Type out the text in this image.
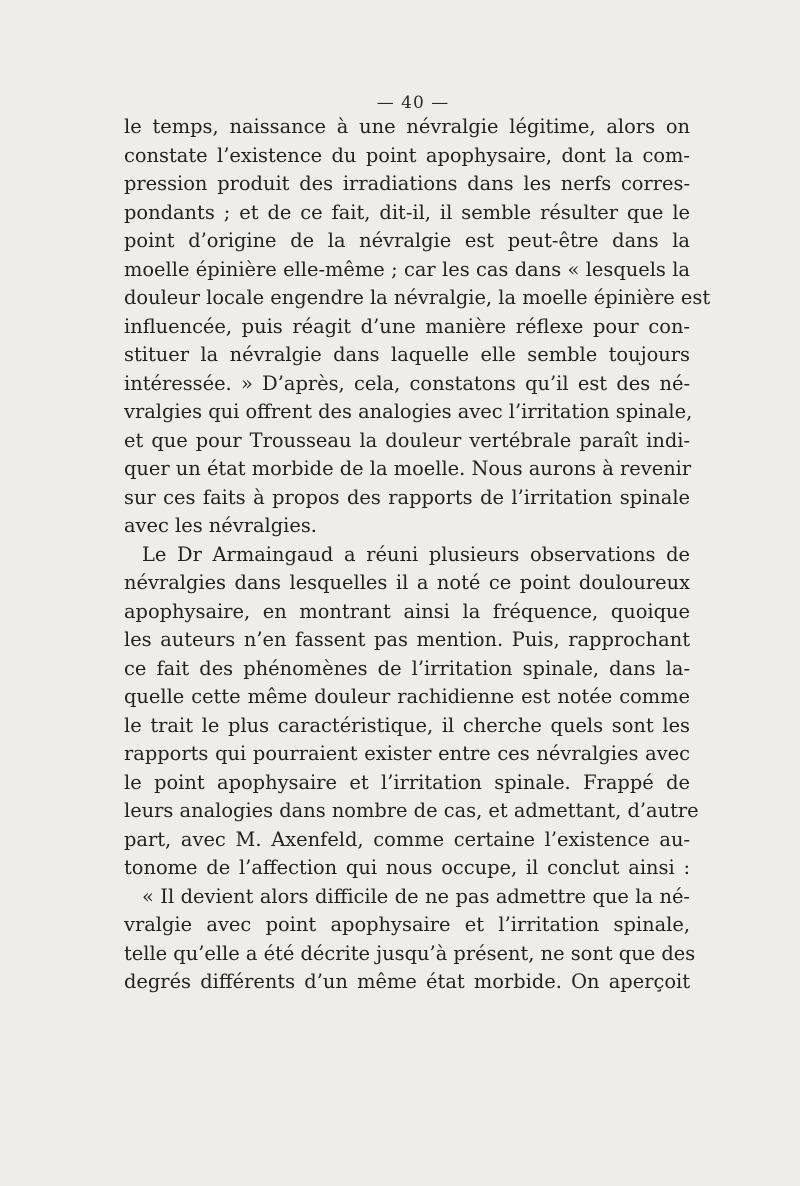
— 40 —
le temps, naissance à une névralgie légitime, alors on
constate l’existence du point apophysaire, dont la com-
pression produit des irradiations dans les nerfs corres-
pondants ; et de ce fait, dit-il, il semble résulter que le
point d’origine de la névralgie est peut-être dans la
moelle épinière elle-même ; car les cas dans « lesquels la
douleur locale engendre la névralgie, la moelle épinière est
influencée, puis réagit d’une manière réflexe pour con-
stituer la névralgie dans laquelle elle semble toujours
intéressée. » D’après, cela, constatons qu’il est des né-
vralgies qui offrent des analogies avec l’irritation spinale,
et que pour Trousseau la douleur vertébrale paraît indi-
quer un état morbide de la moelle. Nous aurons à revenir
sur ces faits à propos des rapports de l’irritation spinale
avec les névralgies.
Le Dr Armaingaud a réuni plusieurs observations de
névralgies dans lesquelles il a noté ce point douloureux
apophysaire, en montrant ainsi la fréquence, quoique
les auteurs n’en fassent pas mention. Puis, rapprochant
ce fait des phénomènes de l’irritation spinale, dans la-
quelle cette même douleur rachidienne est notée comme
le trait le plus caractéristique, il cherche quels sont les
rapports qui pourraient exister entre ces névralgies avec
le point apophysaire et l’irritation spinale. Frappé de
leurs analogies dans nombre de cas, et admettant, d’autre
part, avec M. Axenfeld, comme certaine l’existence au-
tonome de l’affection qui nous occupe, il conclut ainsi :
« Il devient alors difficile de ne pas admettre que la né-
vralgie avec point apophysaire et l’irritation spinale,
telle qu’elle a été décrite jusqu’à présent, ne sont que des
degrés différents d’un même état morbide. On aperçoit
